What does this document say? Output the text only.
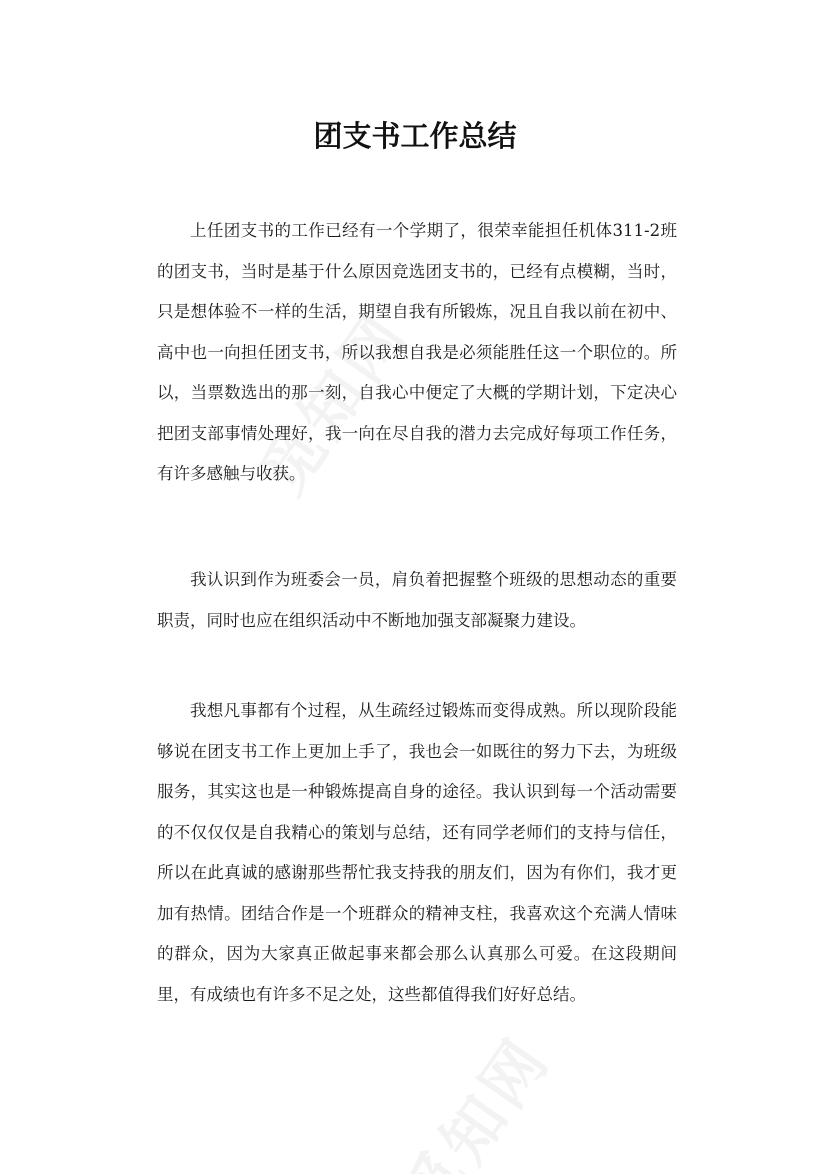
团支书工作总结

上任团支书的工作已经有一个学期了，很荣幸能担任机体311-2班的团支书，当时是基于什么原因竞选团支书的，已经有点模糊，当时，只是想体验不一样的生活，期望自我有所锻炼，况且自我以前在初中、高中也一向担任团支书，所以我想自我是必须能胜任这一个职位的。所以，当票数选出的那一刻，自我心中便定了大概的学期计划，下定决心把团支部事情处理好，我一向在尽自我的潜力去完成好每项工作任务，有许多感触与收获。

我认识到作为班委会一员，肩负着把握整个班级的思想动态的重要职责，同时也应在组织活动中不断地加强支部凝聚力建设。

我想凡事都有个过程，从生疏经过锻炼而变得成熟。所以现阶段能够说在团支书工作上更加上手了，我也会一如既往的努力下去，为班级服务，其实这也是一种锻炼提高自身的途径。我认识到每一个活动需要的不仅仅仅是自我精心的策划与总结，还有同学老师们的支持与信任，所以在此真诚的感谢那些帮忙我支持我的朋友们，因为有你们，我才更加有热情。团结合作是一个班群众的精神支柱，我喜欢这个充满人情味的群众，因为大家真正做起事来都会那么认真那么可爱。在这段期间里，有成绩也有许多不足之处，这些都值得我们好好总结。
